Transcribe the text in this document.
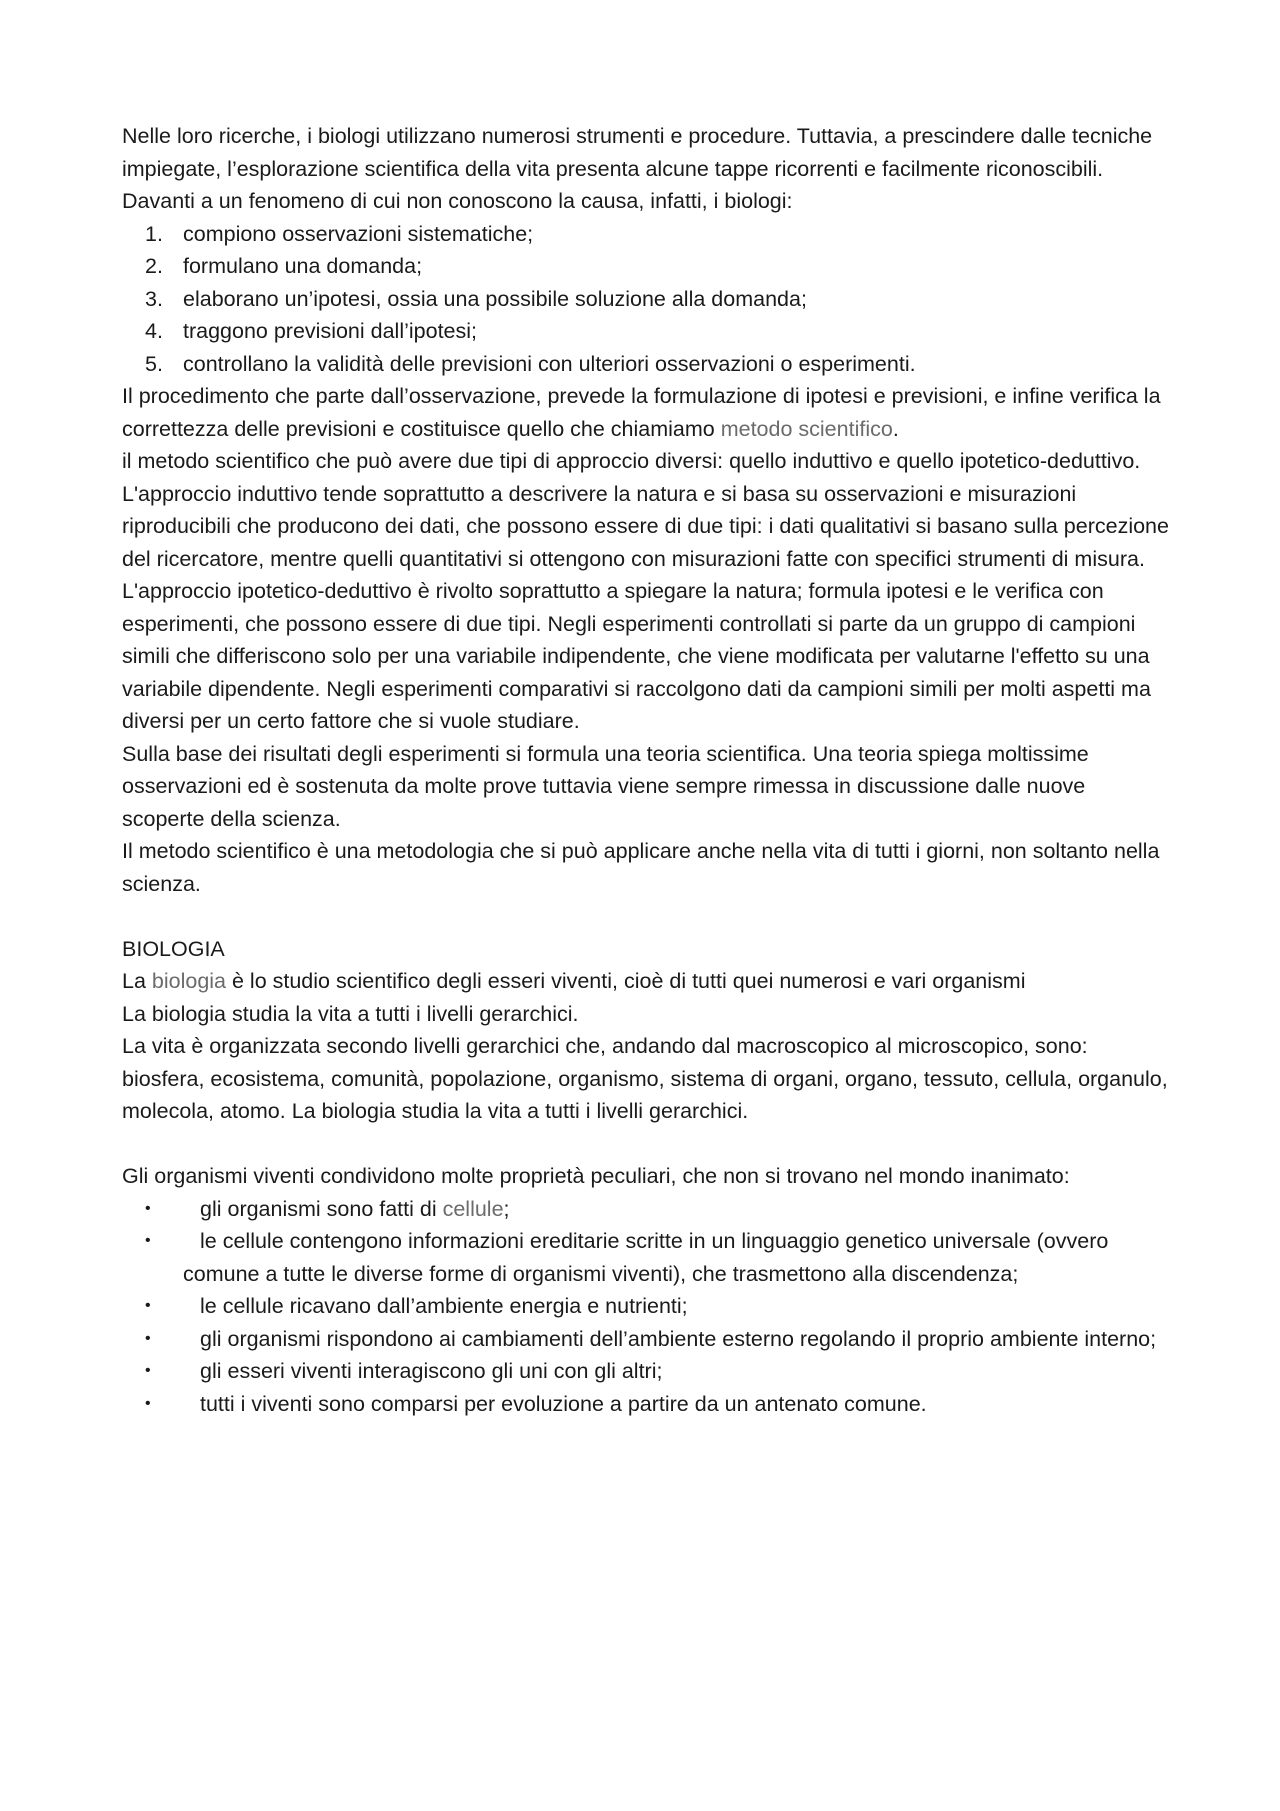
Nelle loro ricerche, i biologi utilizzano numerosi strumenti e procedure. Tuttavia, a prescindere dalle tecniche impiegate, l’esplorazione scientifica della vita presenta alcune tappe ricorrenti e facilmente riconoscibili. Davanti a un fenomeno di cui non conoscono la causa, infatti, i biologi:

1. compiono osservazioni sistematiche;
2. formulano una domanda;
3. elaborano un’ipotesi, ossia una possibile soluzione alla domanda;
4. traggono previsioni dall’ipotesi;
5. controllano la validità delle previsioni con ulteriori osservazioni o esperimenti.

Il procedimento che parte dall’osservazione, prevede la formulazione di ipotesi e previsioni, e infine verifica la correttezza delle previsioni e costituisce quello che chiamiamo metodo scientifico.

il metodo scientifico che può avere due tipi di approccio diversi: quello induttivo e quello ipotetico-deduttivo.

L'approccio induttivo tende soprattutto a descrivere la natura e si basa su osservazioni e misurazioni riproducibili che producono dei dati, che possono essere di due tipi: i dati qualitativi si basano sulla percezione del ricercatore, mentre quelli quantitativi si ottengono con misurazioni fatte con specifici strumenti di misura.

L'approccio ipotetico-deduttivo è rivolto soprattutto a spiegare la natura; formula ipotesi e le verifica con esperimenti, che possono essere di due tipi. Negli esperimenti controllati si parte da un gruppo di campioni simili che differiscono solo per una variabile indipendente, che viene modificata per valutarne l'effetto su una variabile dipendente. Negli esperimenti comparativi si raccolgono dati da campioni simili per molti aspetti ma diversi per un certo fattore che si vuole studiare.

Sulla base dei risultati degli esperimenti si formula una teoria scientifica. Una teoria spiega moltissime osservazioni ed è sostenuta da molte prove tuttavia viene sempre rimessa in discussione dalle nuove scoperte della scienza.

Il metodo scientifico è una metodologia che si può applicare anche nella vita di tutti i giorni, non soltanto nella scienza.

BIOLOGIA

La biologia è lo studio scientifico degli esseri viventi, cioè di tutti quei numerosi e vari organismi

La biologia studia la vita a tutti i livelli gerarchici.

La vita è organizzata secondo livelli gerarchici che, andando dal macroscopico al microscopico, sono: biosfera, ecosistema, comunità, popolazione, organismo, sistema di organi, organo, tessuto, cellula, organulo, molecola, atomo. La biologia studia la vita a tutti i livelli gerarchici.

Gli organismi viventi condividono molte proprietà peculiari, che non si trovano nel mondo inanimato:

• gli organismi sono fatti di cellule;
• le cellule contengono informazioni ereditarie scritte in un linguaggio genetico universale (ovvero comune a tutte le diverse forme di organismi viventi), che trasmettono alla discendenza;
• le cellule ricavano dall’ambiente energia e nutrienti;
• gli organismi rispondono ai cambiamenti dell’ambiente esterno regolando il proprio ambiente interno;
• gli esseri viventi interagiscono gli uni con gli altri;
• tutti i viventi sono comparsi per evoluzione a partire da un antenato comune.
